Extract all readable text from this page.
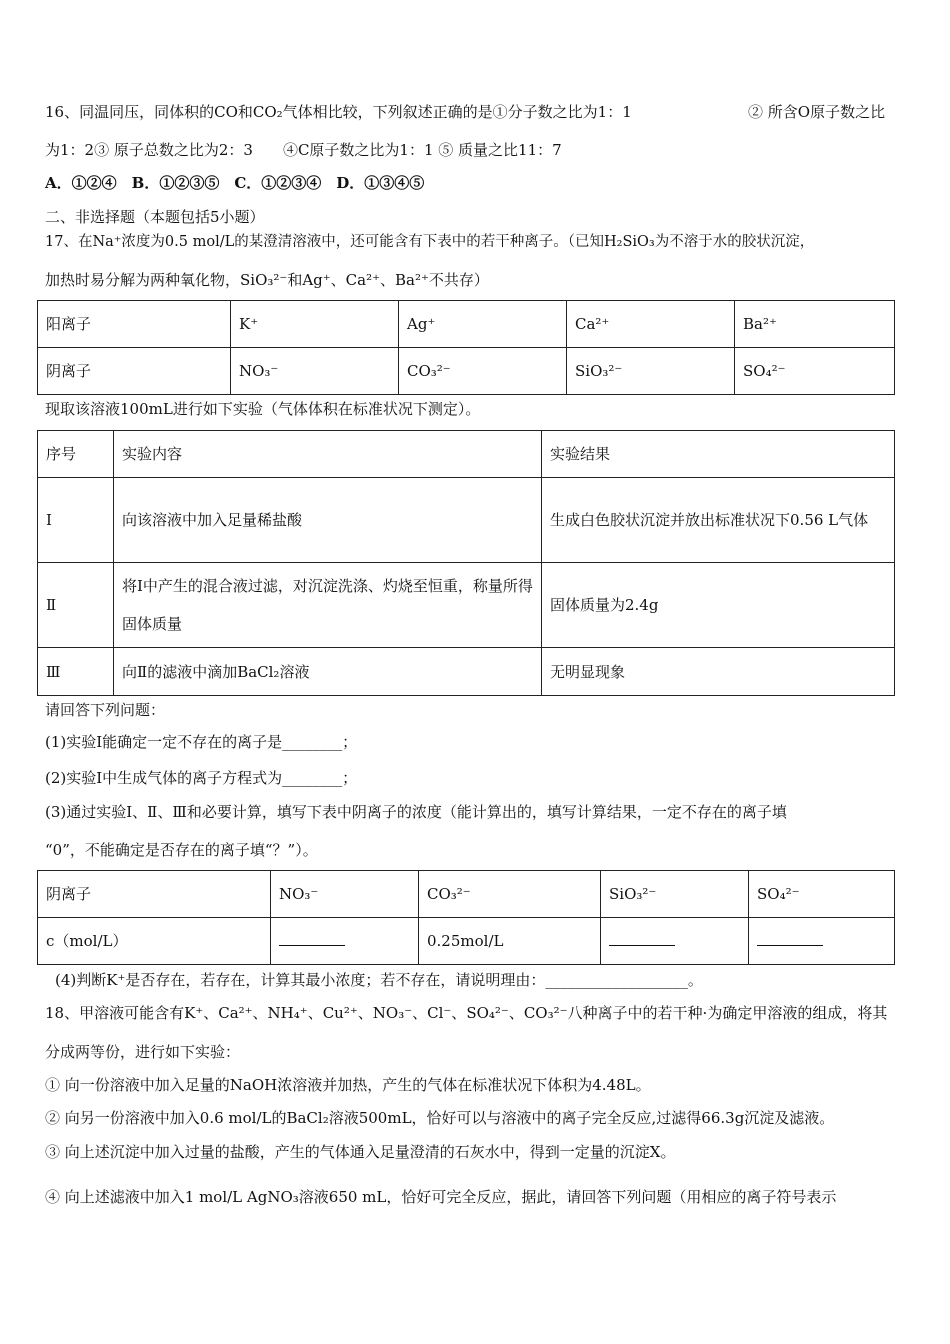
16、同温同压，同体积的CO和CO₂气体相比较，下列叙述正确的是①分子数之比为1：1	② 所含O原子数之比
为1：2③ 原子总数之比为2：3　　④C原子数之比为1：1 ⑤ 质量之比11：7
A．①②④　B．①②③⑤　C．①②③④　D．①③④⑤
二、非选择题（本题包括5小题）
17、在Na⁺浓度为0.5 mol/L的某澄清溶液中，还可能含有下表中的若干种离子。（已知H₂SiO₃为不溶于水的胶状沉淀，
加热时易分解为两种氧化物，SiO₃²⁻和Ag⁺、Ca²⁺、Ba²⁺不共存）
阳离子	K⁺	Ag⁺	Ca²⁺	Ba²⁺
阴离子	NO₃⁻	CO₃²⁻	SiO₃²⁻	SO₄²⁻
现取该溶液100mL进行如下实验（气体体积在标准状况下测定）。
序号	实验内容	实验结果
Ⅰ	向该溶液中加入足量稀盐酸	生成白色胶状沉淀并放出标准状况下0.56 L气体
Ⅱ	将Ⅰ中产生的混合液过滤，对沉淀洗涤、灼烧至恒重，称量所得固体质量	固体质量为2.4g
Ⅲ	向Ⅱ的滤液中滴加BaCl₂溶液	无明显现象
请回答下列问题：
(1)实验Ⅰ能确定一定不存在的离子是________；
(2)实验Ⅰ中生成气体的离子方程式为________；
(3)通过实验Ⅰ、Ⅱ、Ⅲ和必要计算，填写下表中阴离子的浓度（能计算出的，填写计算结果，一定不存在的离子填
“0”，不能确定是否存在的离子填“？”）。
阴离子	NO₃⁻	CO₃²⁻	SiO₃²⁻	SO₄²⁻
c（mol/L）		0.25mol/L		
(4)判断K⁺是否存在，若存在，计算其最小浓度；若不存在，请说明理由：___________________。
18、甲溶液可能含有K⁺、Ca²⁺、NH₄⁺、Cu²⁺、NO₃⁻、Cl⁻、SO₄²⁻、CO₃²⁻八种离子中的若干种·为确定甲溶液的组成，将其
分成两等份，进行如下实验：
① 向一份溶液中加入足量的NaOH浓溶液并加热，产生的气体在标准状况下体积为4.48L。
② 向另一份溶液中加入0.6 mol/L的BaCl₂溶液500mL，恰好可以与溶液中的离子完全反应,过滤得66.3g沉淀及滤液。
③ 向上述沉淀中加入过量的盐酸，产生的气体通入足量澄清的石灰水中，得到一定量的沉淀X。
④ 向上述滤液中加入1 mol/L AgNO₃溶液650 mL，恰好可完全反应，据此，请回答下列问题（用相应的离子符号表示
